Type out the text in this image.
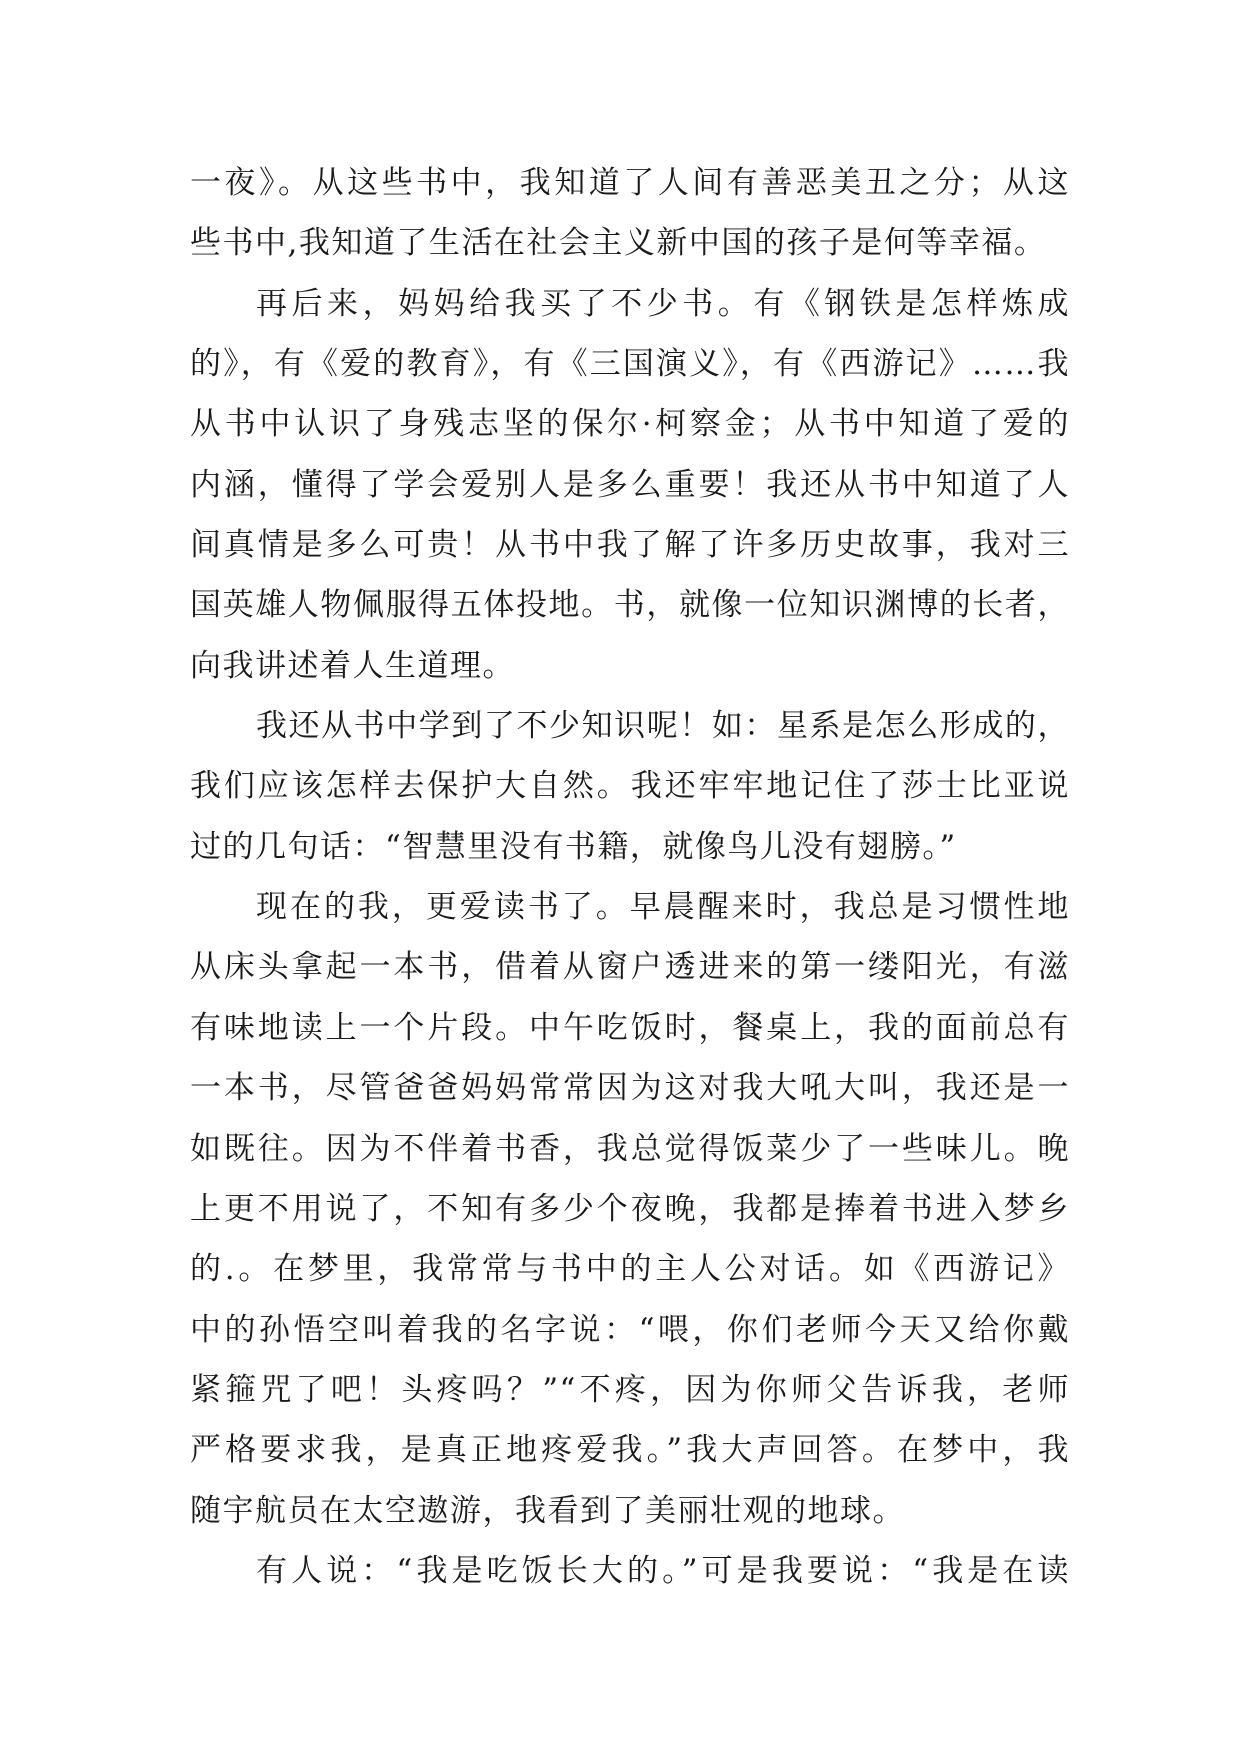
一夜》。从这些书中，我知道了人间有善恶美丑之分；从这
些书中,我知道了生活在社会主义新中国的孩子是何等幸福。
再后来，妈妈给我买了不少书。有《钢铁是怎样炼成
的》，有《爱的教育》，有《三国演义》，有《西游记》……我
从书中认识了身残志坚的保尔·柯察金；从书中知道了爱的
内涵，懂得了学会爱别人是多么重要！我还从书中知道了人
间真情是多么可贵！从书中我了解了许多历史故事，我对三
国英雄人物佩服得五体投地。书，就像一位知识渊博的长者，
向我讲述着人生道理。
我还从书中学到了不少知识呢！如：星系是怎么形成的，
我们应该怎样去保护大自然。我还牢牢地记住了莎士比亚说
过的几句话：“智慧里没有书籍，就像鸟儿没有翅膀。”
现在的我，更爱读书了。早晨醒来时，我总是习惯性地
从床头拿起一本书，借着从窗户透进来的第一缕阳光，有滋
有味地读上一个片段。中午吃饭时，餐桌上，我的面前总有
一本书，尽管爸爸妈妈常常因为这对我大吼大叫，我还是一
如既往。因为不伴着书香，我总觉得饭菜少了一些味儿。晚
上更不用说了，不知有多少个夜晚，我都是捧着书进入梦乡
的.。在梦里，我常常与书中的主人公对话。如《西游记》
中的孙悟空叫着我的名字说：“喂，你们老师今天又给你戴
紧箍咒了吧！头疼吗？”“不疼，因为你师父告诉我，老师
严格要求我，是真正地疼爱我。”我大声回答。在梦中，我
随宇航员在太空遨游，我看到了美丽壮观的地球。
有人说：“我是吃饭长大的。”可是我要说：“我是在读
